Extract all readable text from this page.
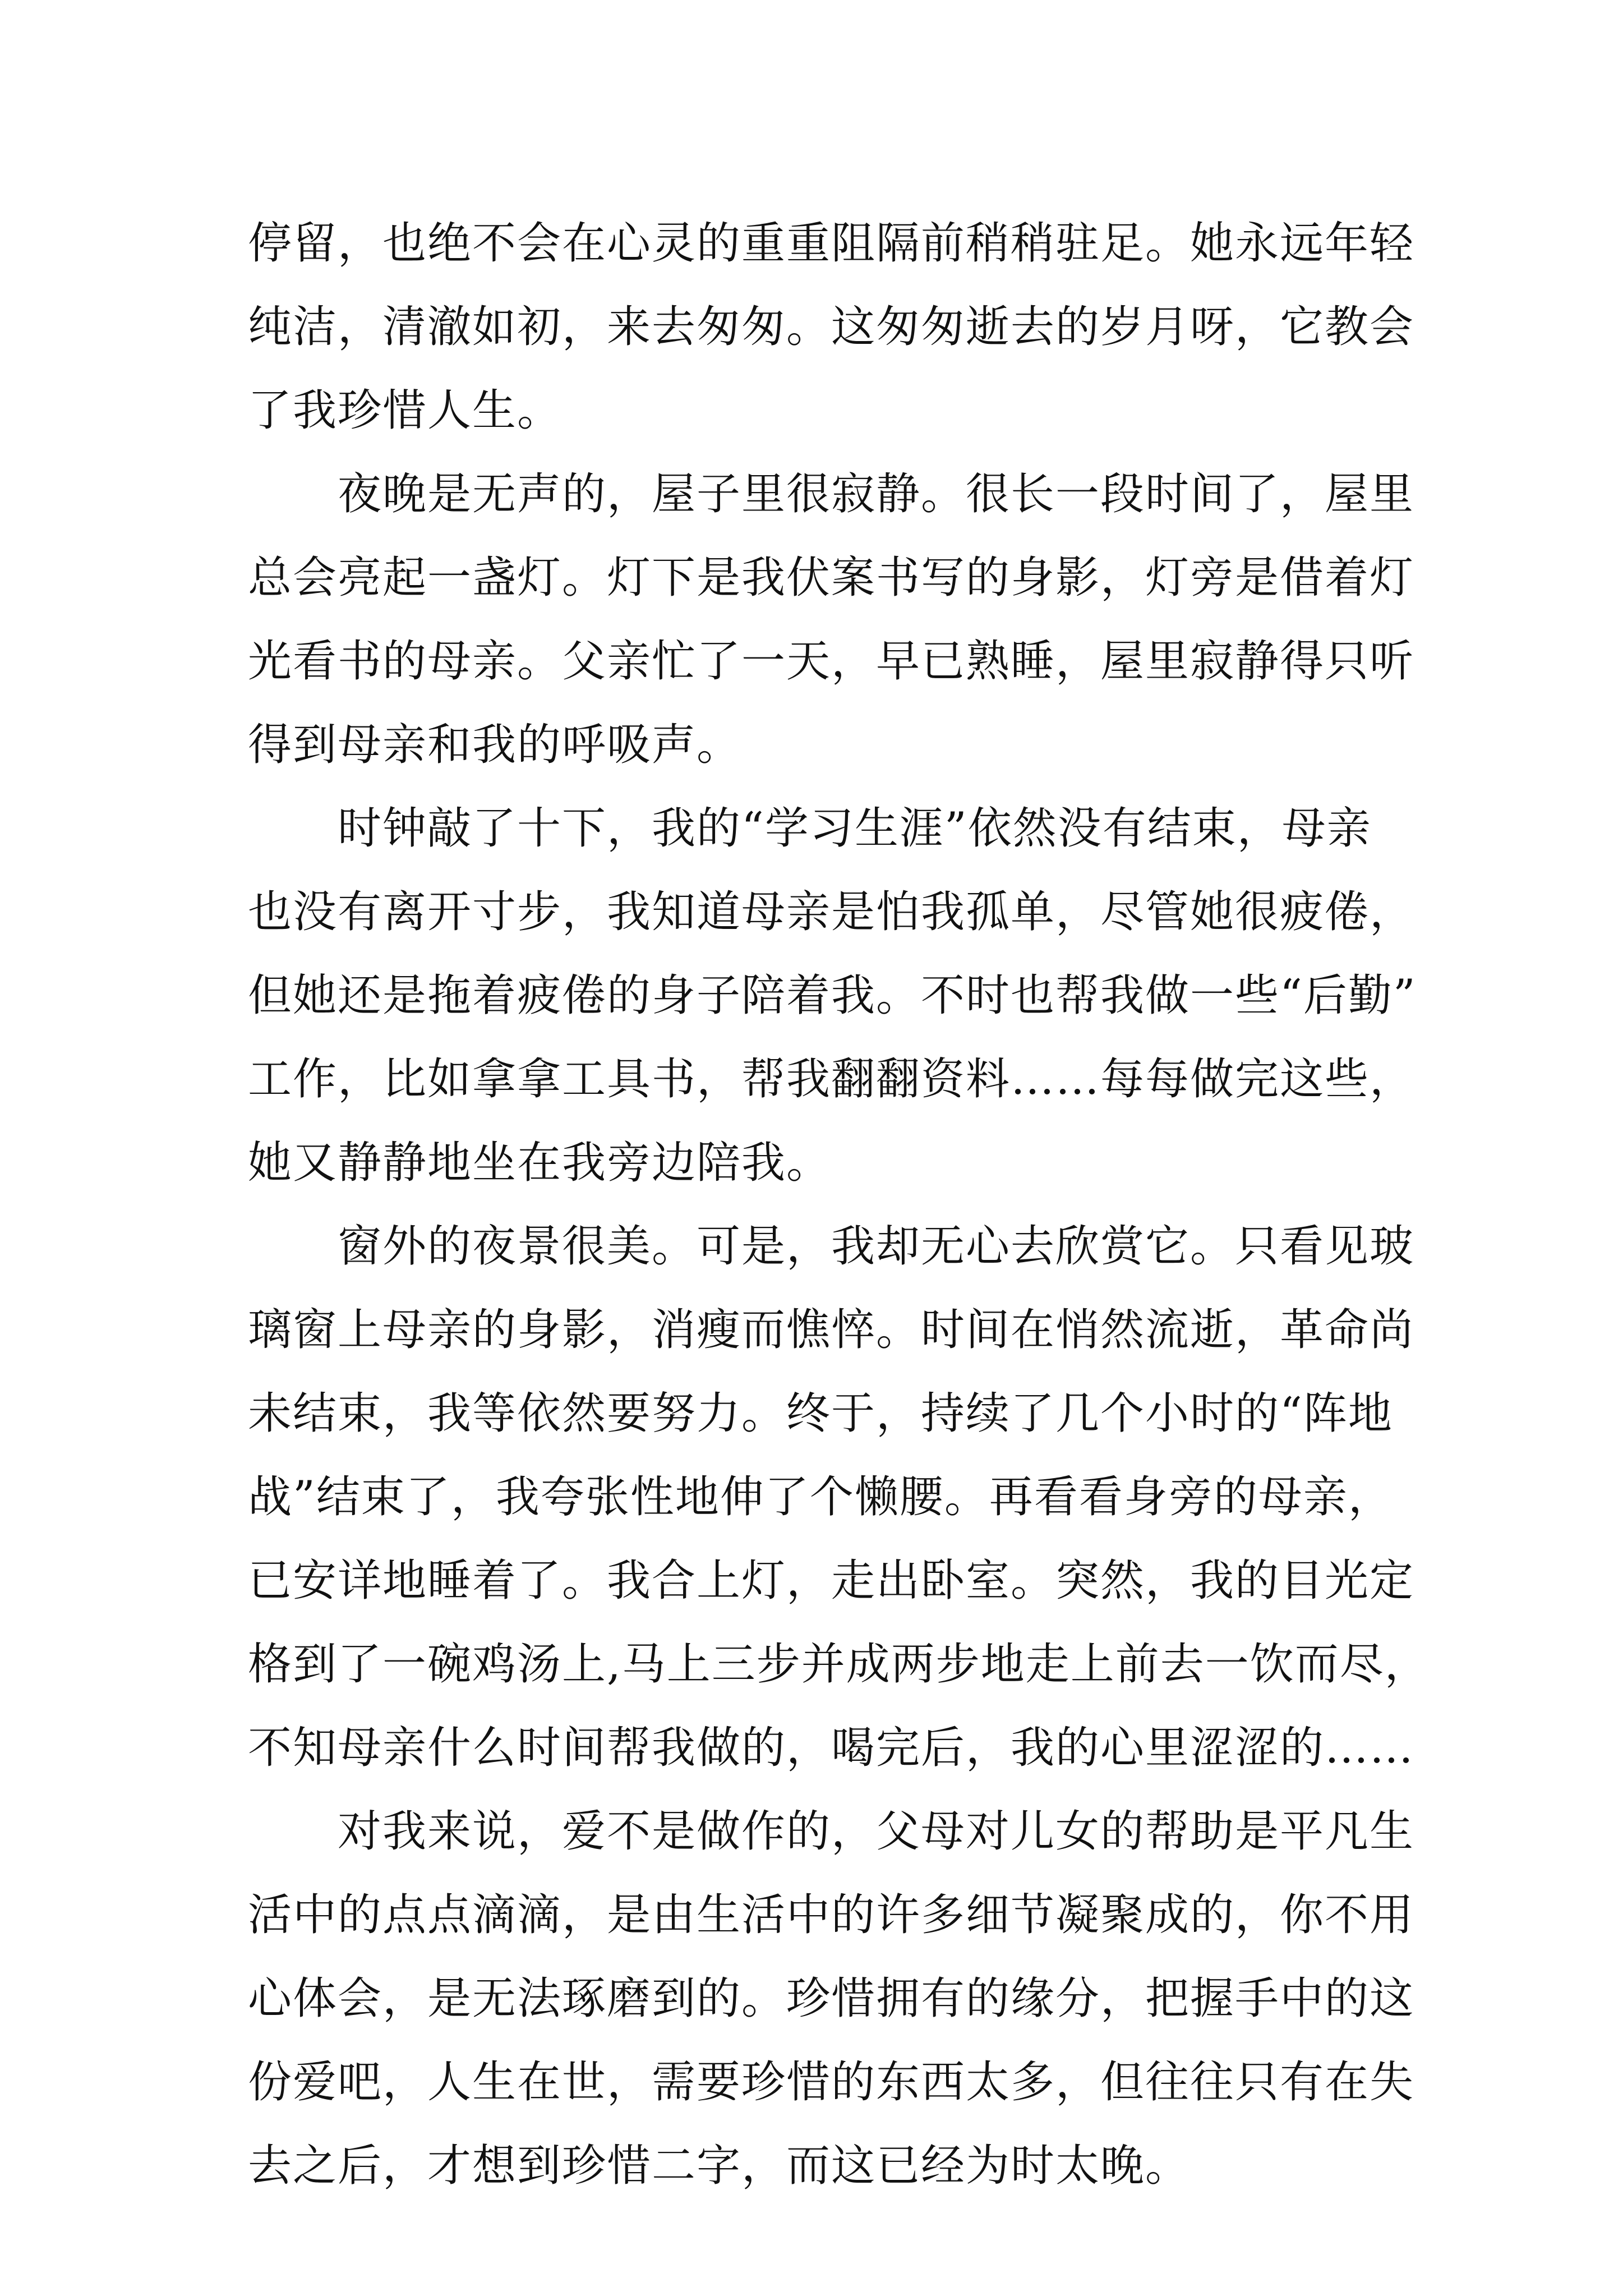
停留，也绝不会在心灵的重重阻隔前稍稍驻足。她永远年轻
纯洁，清澈如初，来去匆匆。这匆匆逝去的岁月呀，它教会
了我珍惜人生。
夜晚是无声的，屋子里很寂静。很长一段时间了，屋里
总会亮起一盏灯。灯下是我伏案书写的身影，灯旁是借着灯
光看书的母亲。父亲忙了一天，早已熟睡，屋里寂静得只听
得到母亲和我的呼吸声。
时钟敲了十下，我的“学习生涯”依然没有结束，母亲
也没有离开寸步，我知道母亲是怕我孤单，尽管她很疲倦，
但她还是拖着疲倦的身子陪着我。不时也帮我做一些“后勤”
工作，比如拿拿工具书，帮我翻翻资料……每每做完这些，
她又静静地坐在我旁边陪我。
窗外的夜景很美。可是，我却无心去欣赏它。只看见玻
璃窗上母亲的身影，消瘦而憔悴。时间在悄然流逝，革命尚
未结束，我等依然要努力。终于，持续了几个小时的“阵地
战”结束了，我夸张性地伸了个懒腰。再看看身旁的母亲，
已安详地睡着了。我合上灯，走出卧室。突然，我的目光定
格到了一碗鸡汤上,马上三步并成两步地走上前去一饮而尽，
不知母亲什么时间帮我做的，喝完后，我的心里涩涩的……
对我来说，爱不是做作的，父母对儿女的帮助是平凡生
活中的点点滴滴，是由生活中的许多细节凝聚成的，你不用
心体会，是无法琢磨到的。珍惜拥有的缘分，把握手中的这
份爱吧，人生在世，需要珍惜的东西太多，但往往只有在失
去之后，才想到珍惜二字，而这已经为时太晚。
